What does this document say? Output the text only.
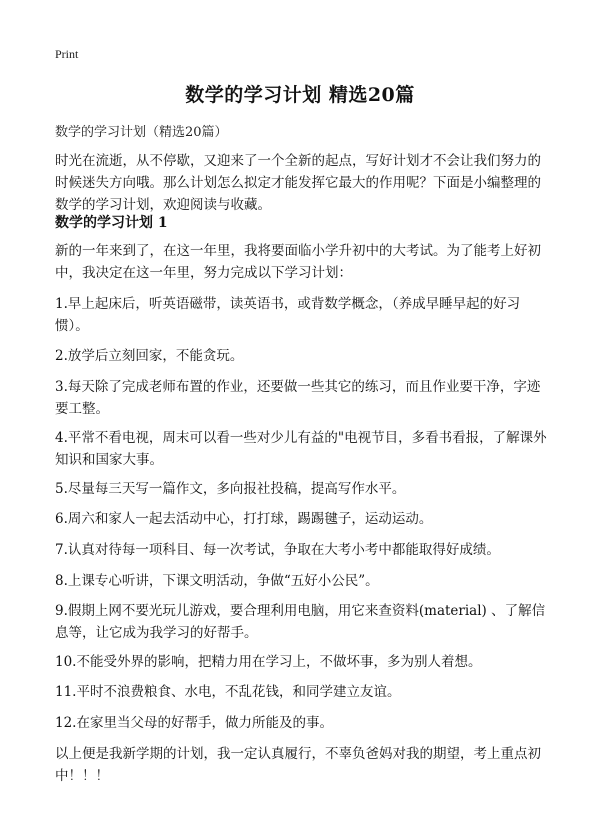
Print
数学的学习计划 精选20篇
数学的学习计划（精选20篇）

时光在流逝，从不停歇，又迎来了一个全新的起点，写好计划才不会让我们努力的时候迷失方向哦。那么计划怎么拟定才能发挥它最大的作用呢？下面是小编整理的数学的学习计划，欢迎阅读与收藏。

数学的学习计划 1

新的一年来到了，在这一年里，我将要面临小学升初中的大考试。为了能考上好初中，我决定在这一年里，努力完成以下学习计划：

1.早上起床后，听英语磁带，读英语书，或背数学概念，（养成早睡早起的好习惯）。

2.放学后立刻回家，不能贪玩。

3.每天除了完成老师布置的作业，还要做一些其它的练习，而且作业要干净，字迹要工整。

4.平常不看电视，周末可以看一些对少儿有益的"电视节目，多看书看报，了解课外知识和国家大事。

5.尽量每三天写一篇作文，多向报社投稿，提高写作水平。

6.周六和家人一起去活动中心，打打球，踢踢毽子，运动运动。

7.认真对待每一项科目、每一次考试，争取在大考小考中都能取得好成绩。

8.上课专心听讲，下课文明活动，争做“五好小公民”。

9.假期上网不要光玩儿游戏，要合理利用电脑，用它来查资料(material) 、了解信息等，让它成为我学习的好帮手。

10.不能受外界的影响，把精力用在学习上，不做坏事，多为别人着想。

11.平时不浪费粮食、水电，不乱花钱，和同学建立友谊。

12.在家里当父母的好帮手，做力所能及的事。

以上便是我新学期的计划，我一定认真履行，不辜负爸妈对我的期望，考上重点初中！！！
